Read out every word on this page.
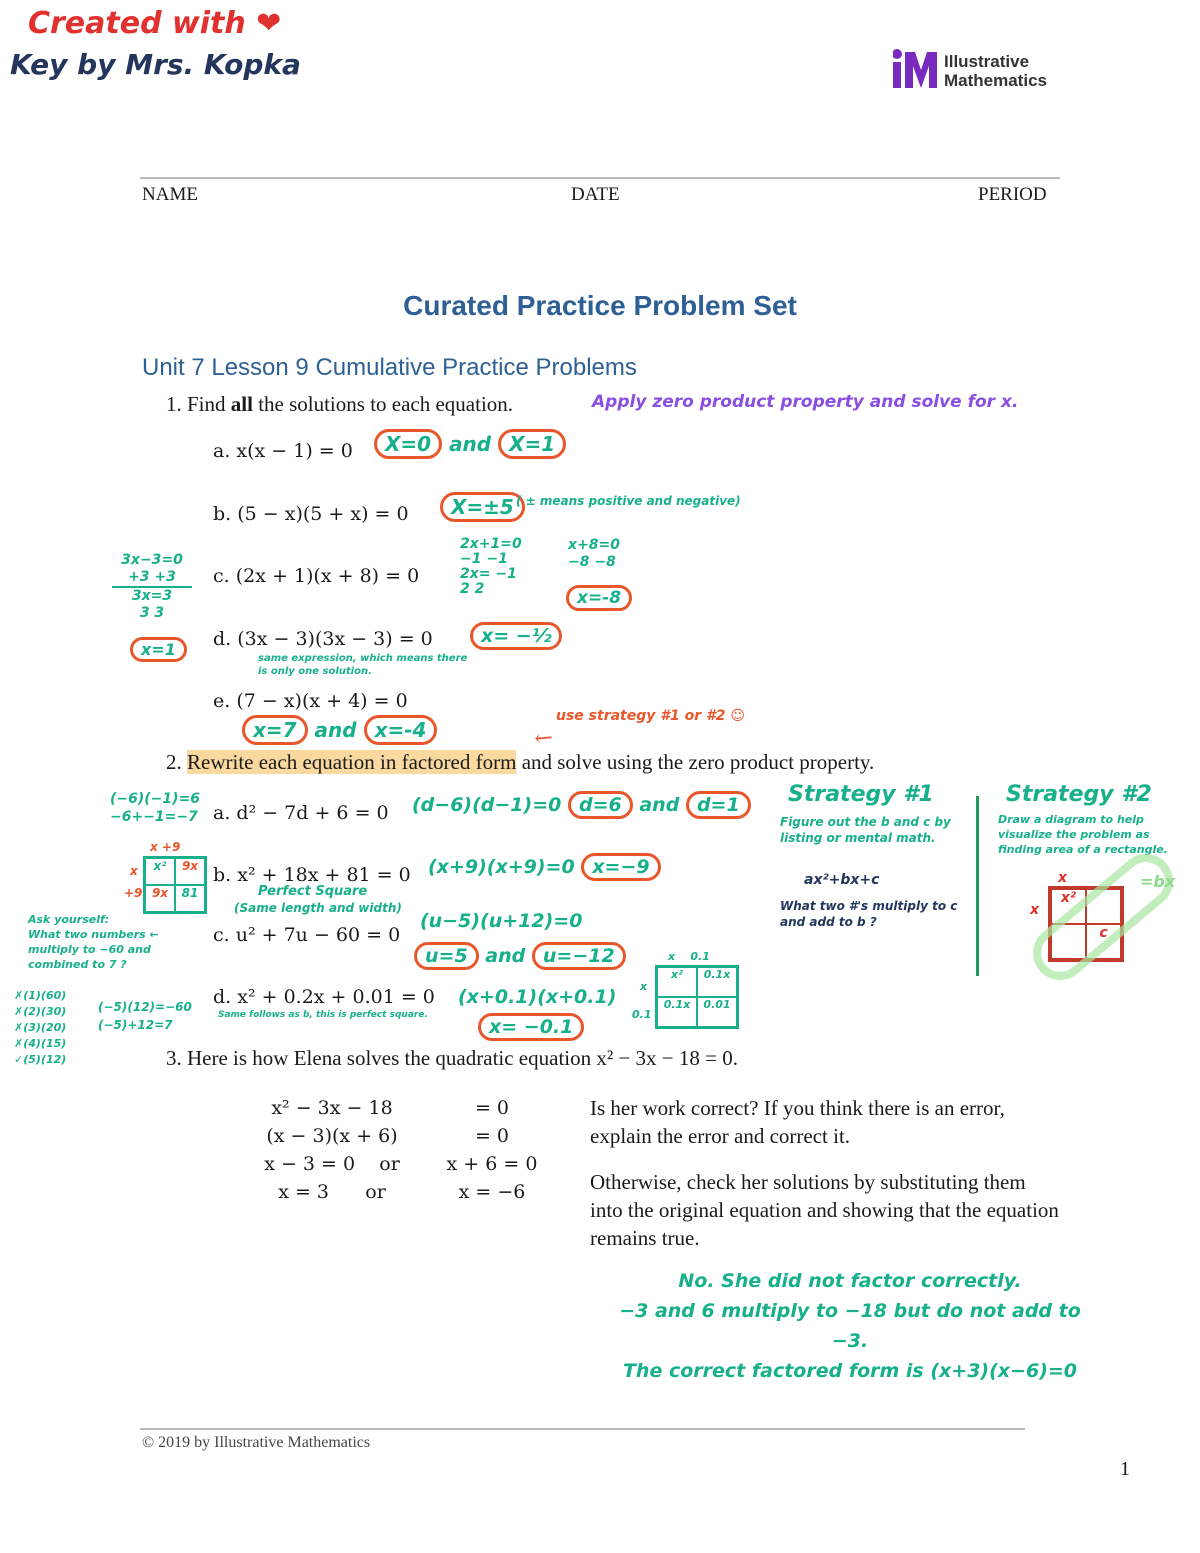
Created with ❤
Key by Mrs. Kopka	Illustrative
Mathematics
NAME	DATE	PERIOD
Curated Practice Problem Set
Unit 7 Lesson 9 Cumulative Practice Problems
1. Find all the solutions to each equation.	Apply zero product property and solve for x.
a. x(x − 1) = 0	X=0 and X=1
b. (5 − x)(5 + x) = 0	X=±5 ( ± means positive and negative)
c. (2x + 1)(x + 8) = 0
2x+1=0
−1 −1
2x= −1
2 2
x+8=0
−8 −8
x=-8
3x−3=0
+3 +3
3x=3
3 3
x=1	d. (3x − 3)(3x − 3) = 0	x= −½
same expression, which means there is only one solution.
e. (7 − x)(x + 4) = 0
x=7 and x=-4
use strategy #1 or #2 ☺
↙
2. Rewrite each equation in factored form and solve using the zero product property.
(−6)(−1)=6
−6+−1=−7 a. d² − 7d + 6 = 0 (d−6)(d−1)=0 d=6 and d=1
x +9
x
+9
x²	9x
9x	81
b. x² + 18x + 81 = 0 (x+9)(x+9)=0 x=−9
Perfect Square
(Same length and width)
Ask yourself:
What two numbers ←
multiply to −60 and
combined to 7 ?
✗(1)(60)
✗(2)(30)
✗(3)(20)
✗(4)(15)
✓(5)(12)
(−5)(12)=−60
(−5)+12=7
c. u² + 7u − 60 = 0
(u−5)(u+12)=0
u=5 and u=−12
d. x² + 0.2x + 0.01 = 0 (x+0.1)(x+0.1)
x= −0.1
Same follows as b, this is perfect square.
x    0.1
x
0.1
x²	0.1x
0.1x	0.01
Strategy #1
Figure out the b and c by listing or mental math.
ax²+bx+c
What two #'s multiply to c and add to b ?
Strategy #2
Draw a diagram to help visualize the problem as finding area of a rectangle.
x
x
x²
c
=bx
3. Here is how Elena solves the quadratic equation x² − 3x − 18 = 0.
x² − 3x − 18	= 0
(x − 3)(x + 6)	= 0
x − 3 = 0    or	x + 6 = 0
x = 3      or	x = −6
Is her work correct? If you think there is an error, explain the error and correct it.
Otherwise, check her solutions by substituting them into the original equation and showing that the equation remains true.
No. She did not factor correctly.
−3 and 6 multiply to −18 but do not add to −3.
The correct factored form is (x+3)(x−6)=0
© 2019 by Illustrative Mathematics
1
